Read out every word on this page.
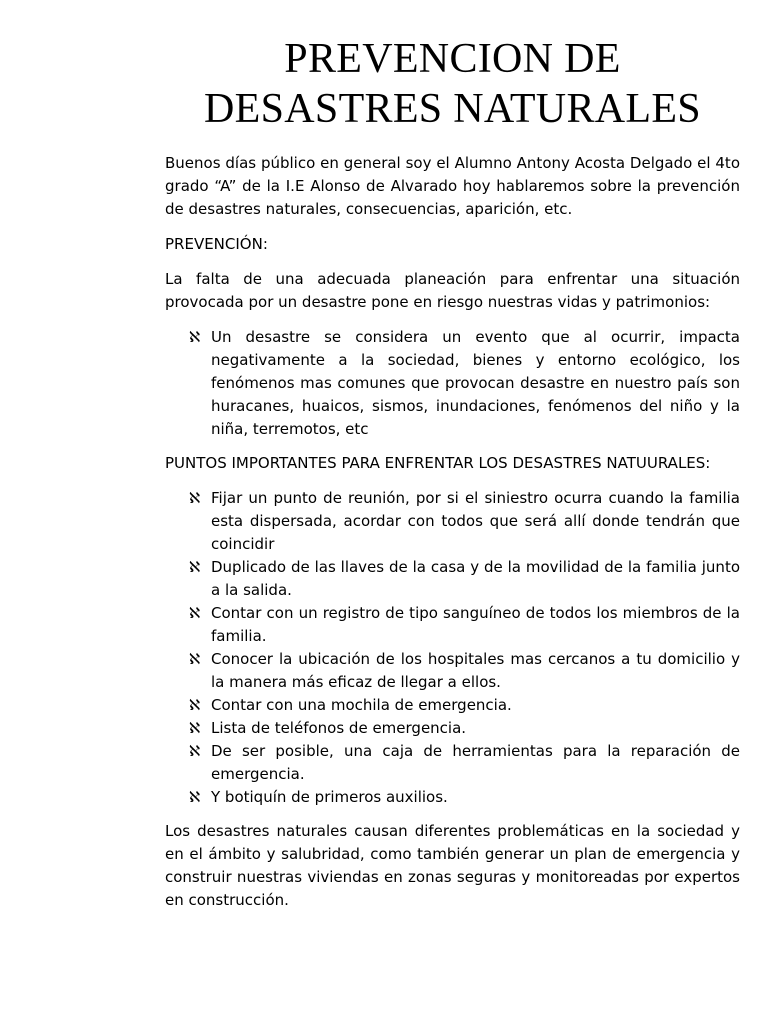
PREVENCION DE
DESASTRES NATURALES

Buenos días público en general soy el Alumno Antony Acosta Delgado el 4to grado “A” de la I.E Alonso de Alvarado hoy hablaremos sobre la prevención de desastres naturales, consecuencias, aparición, etc.

PREVENCIÓN:

La falta de una adecuada planeación para enfrentar una situación provocada por un desastre pone en riesgo nuestras vidas y patrimonios:

ℵ Un desastre se considera un evento que al ocurrir, impacta negativamente a la sociedad, bienes y entorno ecológico, los fenómenos mas comunes que provocan desastre en nuestro país son huracanes, huaicos, sismos, inundaciones, fenómenos del niño y la niña, terremotos, etc

PUNTOS IMPORTANTES PARA ENFRENTAR LOS DESASTRES NATUURALES:

ℵ Fijar un punto de reunión, por si el siniestro ocurra cuando la familia esta dispersada, acordar con todos que será allí donde tendrán que coincidir
ℵ Duplicado de las llaves de la casa y de la movilidad de la familia junto a la salida.
ℵ Contar con un registro de tipo sanguíneo de todos los miembros de la familia.
ℵ Conocer la ubicación de los hospitales mas cercanos a tu domicilio y la manera más eficaz de llegar a ellos.
ℵ Contar con una mochila de emergencia.
ℵ Lista de teléfonos de emergencia.
ℵ De ser posible, una caja de herramientas para la reparación de emergencia.
ℵ Y botiquín de primeros auxilios.

Los desastres naturales causan diferentes problemáticas en la sociedad y en el ámbito y salubridad, como también generar un plan de emergencia y construir nuestras viviendas en zonas seguras y monitoreadas por expertos en construcción.
